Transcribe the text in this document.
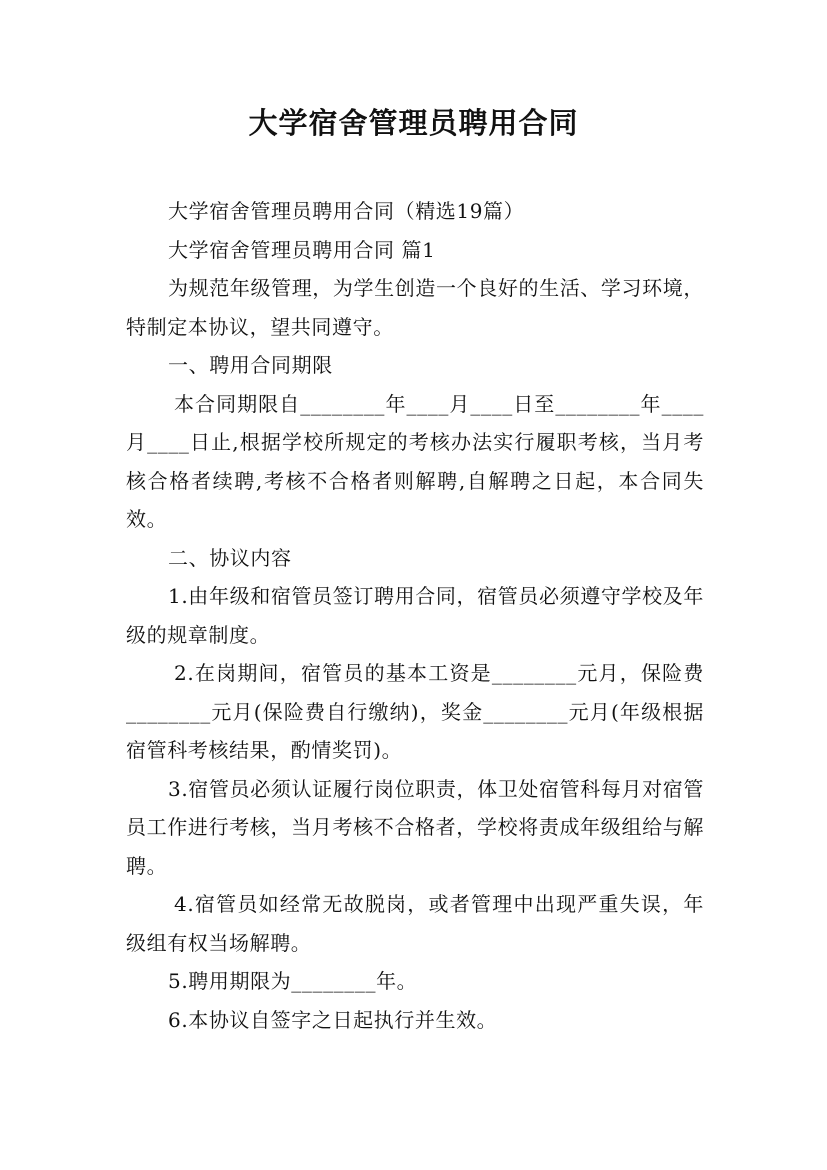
大学宿舍管理员聘用合同

大学宿舍管理员聘用合同（精选19篇）

大学宿舍管理员聘用合同 篇1

为规范年级管理，为学生创造一个良好的生活、学习环境，特制定本协议，望共同遵守。

一、聘用合同期限

本合同期限自________年____月____日至________年____月____日止,根据学校所规定的考核办法实行履职考核，当月考核合格者续聘,考核不合格者则解聘,自解聘之日起，本合同失效。

二、协议内容

1.由年级和宿管员签订聘用合同，宿管员必须遵守学校及年级的规章制度。

2.在岗期间，宿管员的基本工资是________元月，保险费________元月(保险费自行缴纳)，奖金________元月(年级根据宿管科考核结果，酌情奖罚)。

3.宿管员必须认证履行岗位职责，体卫处宿管科每月对宿管员工作进行考核，当月考核不合格者，学校将责成年级组给与解聘。

4.宿管员如经常无故脱岗，或者管理中出现严重失误，年级组有权当场解聘。

5.聘用期限为________年。

6.本协议自签字之日起执行并生效。
